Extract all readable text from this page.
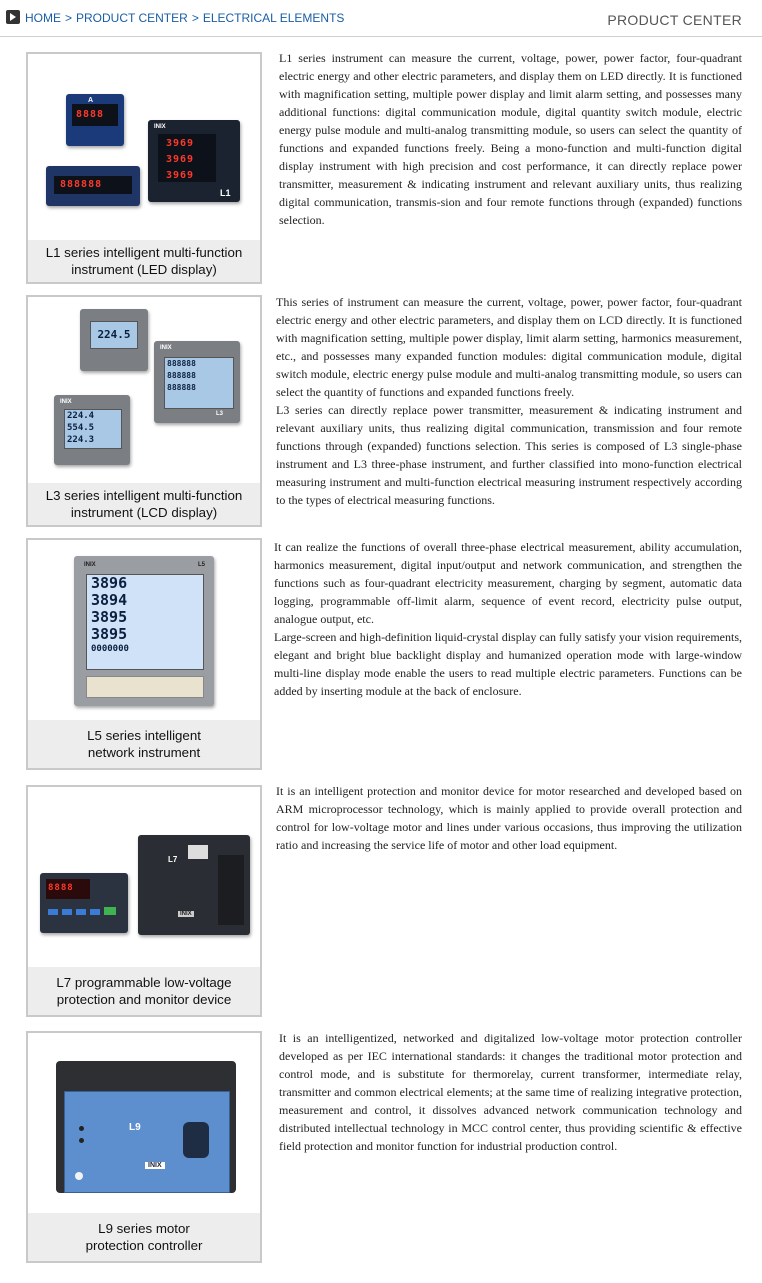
HOME > PRODUCT CENTER > ELECTRICAL ELEMENTS	PRODUCT CENTER
8888
A
888888
INIX
3969
3969
3969
L1
L1 series intelligent multi-function
instrument (LED display)
L1 series instrument can measure the current, voltage, power, power factor, four-quadrant electric energy and other electric parameters, and display them on LED directly. It is functioned with magnification setting, multiple power display and limit alarm setting, and possesses many additional functions: digital communication module, digital quantity switch module, electric energy pulse module and multi-analog transmitting module, so users can select the quantity of functions and expanded functions freely. Being a mono-function and multi-function digital display instrument with high precision and cost performance, it can directly replace power transmitter, measurement & indicating instrument and relevant auxiliary units, thus realizing digital communication, transmis-sion and four remote functions through (expanded) functions selection.
224.5
INIX
224.4
554.5
224.3
INIX
888888
888888
888888
L3
L3 series intelligent multi-function
instrument (LCD display)
This series of instrument can measure the current, voltage, power, power factor, four-quadrant electric energy and other electric parameters, and display them on LCD directly. It is functioned with magnification setting, multiple power display, limit alarm setting, harmonics measurement, etc., and possesses many expanded function modules: digital communication module, digital switch module, electric energy pulse module and multi-analog transmitting module, so users can select the quantity of functions and expanded functions freely.
L3 series can directly replace power transmitter, measurement & indicating instrument and relevant auxiliary units, thus realizing digital communication, transmission and four remote functions through (expanded) functions selection. This series is composed of L3 single-phase instrument and L3 three-phase instrument, and further classified into mono-function electrical measuring instrument and multi-function electrical measuring instrument respectively according to the types of electrical measuring functions.
INIX	L5
3896
3894
3895
3895
0000000
L5 series intelligent
network instrument
It can realize the functions of overall three-phase electrical measurement, ability accumulation, harmonics measurement, digital input/output and network communication, and strengthen the functions such as four-quadrant electricity measurement, charging by segment, automatic data logging, programmable off-limit alarm, sequence of event record, electricity pulse output, analogue output, etc.
Large-screen and high-definition liquid-crystal display can fully satisfy your vision requirements, elegant and bright blue backlight display and humanized operation mode with large-window multi-line display mode enable the users to read multiple electric parameters. Functions can be added by inserting module at the back of enclosure.
L7
INIX
8888
L7 programmable low-voltage
protection and monitor device
It is an intelligent protection and monitor device for motor researched and developed based on ARM microprocessor technology, which is mainly applied to provide overall protection and control for low-voltage motor and lines under various occasions, thus improving the utilization ratio and increasing the service life of motor and other load equipment.
L9
INIX
L9 series motor
protection controller
It is an intelligentized, networked and digitalized low-voltage motor protection controller developed as per IEC international standards: it changes the traditional motor protection and control mode, and is substitute for thermorelay, current transformer, intermediate relay, transmitter and common electrical elements; at the same time of realizing integrative protection, measurement and control, it dissolves advanced network communication technology and distributed intellectual technology in MCC control center, thus providing scientific & effective field protection and monitor function for industrial production control.
